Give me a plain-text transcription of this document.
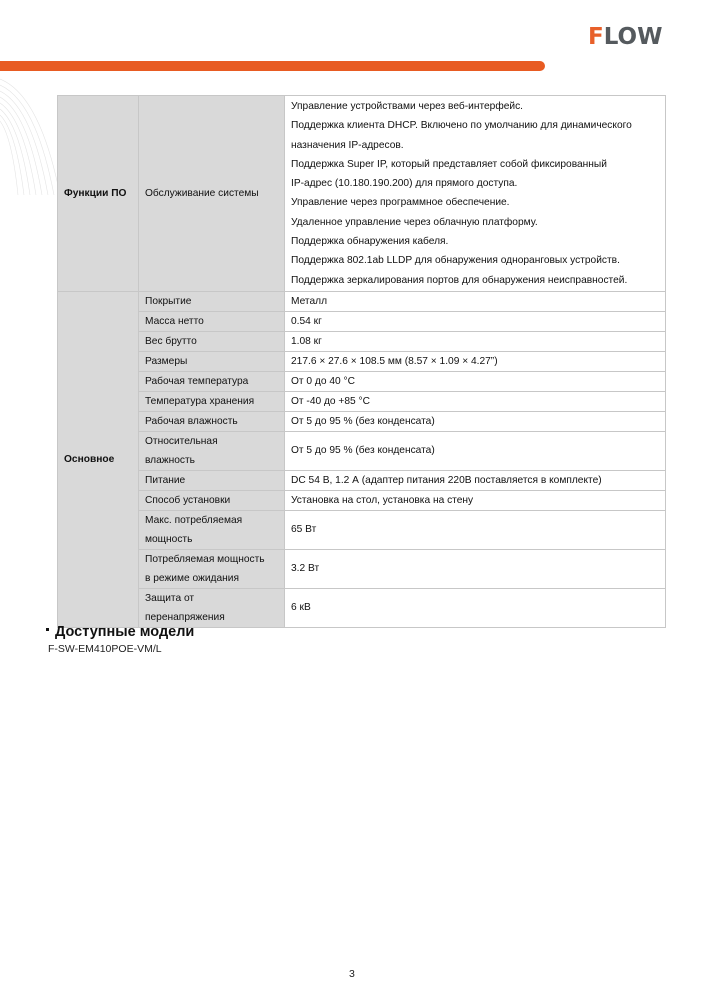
F LOW
Функции ПО	Обслуживание системы	
Управление устройствами через веб-интерфейс.
Поддержка клиента DHCP. Включено по умолчанию для динамического
назначения IP-адресов.
Поддержка Super IP, который представляет собой фиксированный
IP-адрес (10.180.190.200) для прямого доступа.
Управление через программное обеспечение.
Удаленное управление через облачную платформу.
Поддержка обнаружения кабеля.
Поддержка 802.1ab LLDP для обнаружения одноранговых устройств.
Поддержка зеркалирования портов для обнаружения неисправностей.

Основное	Покрытие	Металл
	Масса нетто	0.54 кг
	Вес брутто	1.08 кг
	Размеры	217.6 × 27.6 × 108.5 мм (8.57 × 1.09 × 4.27”)
	Рабочая температура	От 0 до 40 °C
	Температура хранения	От -40 до +85 °C
	Рабочая влажность	От 5 до 95 % (без конденсата)

	Относительная
влажность	От 5 до 95 % (без конденсата)
	Питание	DC 54 В, 1.2 А (адаптер питания 220В поставляется в комплекте)
	Способ установки	Установка на стол, установка на стену

	Макс. потребляемая
мощность	65 Вт

	Потребляемая мощность
в режиме ожидания	3.2 Вт

	Защита от
перенапряжения	6 кВ
Доступные модели
F-SW-EM410POE-VM/L
3
